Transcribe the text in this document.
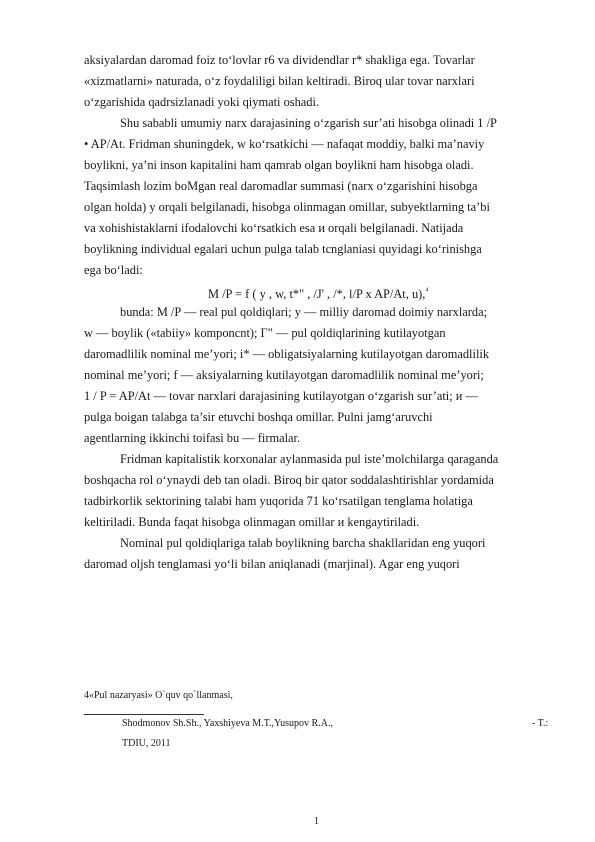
aksiyalardan daromad foiz to‘lovlar r6 va dividendlar r* shakliga ega. Tovarlar
«xizmatlarni» naturada, o‘z foydaliligi bilan keltiradi. Biroq ular tovar narxlari
o‘zgarishida qadrsizlanadi yoki qiymati oshadi.
Shu sababli umumiy narx darajasining o‘zgarish sur’ati hisobga olinadi 1 /P
• AP/At. Fridman shuningdek, w ko‘rsatkichi — nafaqat moddiy, balki ma’naviy
boylikni, ya’ni inson kapitalini ham qamrab olgan boylikni ham hisobga oladi.
Taqsimlash lozim boMgan real daromadlar summasi (narx o‘zgarishini hisobga
olgan holda) y orqali belgilanadi, hisobga olinmagan omillar, subyektlarning ta’bi
va xohishistaklarni ifodalovchi ko‘rsatkich esa и orqali belgilanadi. Natijada
boylikning individual egalari uchun pulga talab tcnglaniasi quyidagi ko‘rinishga
ega bo‘ladi:
M /P = f ( y , w, t*" , /J' , /*, l/P x AP/At, u),$^{^4}$
bunda: M /P — real pul qoldiqlari; y — milliy daromad doimiy narxlarda;
w — boylik («tabiiy» komponcnt); Г" — pul qoldiqlarining kutilayotgan
daromadlilik nominal me’yori; i* — obligatsiyalarning kutilayotgan daromadlilik
nominal me’yori; f — aksiyalarning kutilayotgan daromadlilik nominal me’yori;
1 / P = AP/At — tovar narxlari darajasining kutilayotgan o‘zgarish sur’ati; и —
pulga boigan talabga ta’sir etuvchi boshqa omillar. Pulni jamg‘aruvchi
agentlarning ikkinchi toifasi bu — firmalar.
Fridman kapitalistik korxonalar aylanmasida pul iste’molchilarga qaraganda
boshqacha rol o‘ynaydi deb tan oladi. Biroq bir qator soddalashtirishlar yordamida
tadbirkorlik sektorining talabi ham yuqorida 71 ko‘rsatilgan tenglama holatiga
keltiriladi. Bunda faqat hisobga olinmagan omillar и kengaytiriladi.
Nominal pul qoldiqlariga talab boylikning barcha shakllaridan eng yuqori
daromad oljsh tenglamasi yo‘li bilan aniqlanadi (marjinal). Agar eng yuqori
4«Pul nazaryasi» O`quv qo`llanmasi,
Shodmonov Sh.Sh., Yaxshiyeva M.T.,Yusupov R.A.,	- T.:
TDIU, 2011
1
